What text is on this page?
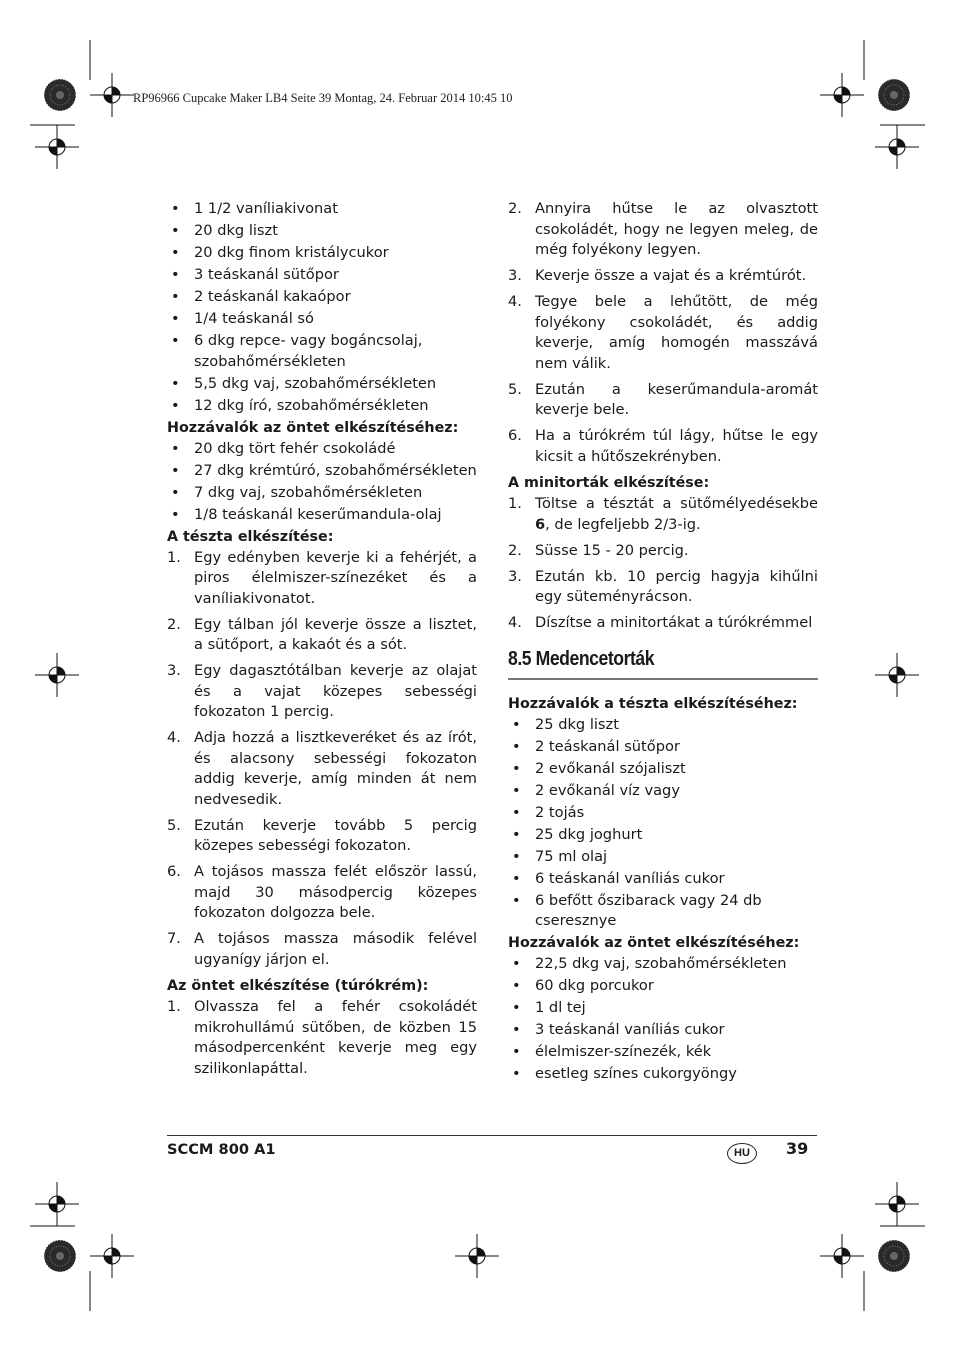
RP96966 Cupcake Maker LB4 Seite 39 Montag, 24. Februar 2014 10:45 10
• 1 1/2 vaníliakivonat
• 20 dkg liszt
• 20 dkg finom kristálycukor
• 3 teáskanál sütőpor
• 2 teáskanál kakaópor
• 1/4 teáskanál só
• 6 dkg repce- vagy bogáncsolaj, szobahőmérsékleten
• 5,5 dkg vaj, szobahőmérsékleten
• 12 dkg író, szobahőmérsékleten
Hozzávalók az öntet elkészítéséhez:
• 20 dkg tört fehér csokoládé
• 27 dkg krémtúró, szobahőmérsékleten
• 7 dkg vaj, szobahőmérsékleten
• 1/8 teáskanál keserűmandula-olaj
A tészta elkészítése:
1. Egy edényben keverje ki a fehérjét, a piros élelmiszer-színezéket és a vaníliakivonatot.
2. Egy tálban jól keverje össze a lisztet, a sütőport, a kakaót és a sót.
3. Egy dagasztótálban keverje az olajat és a vajat közepes sebességi fokozaton 1 percig.
4. Adja hozzá a lisztkeveréket és az írót, és alacsony sebességi fokozaton addig keverje, amíg minden át nem nedvesedik.
5. Ezután keverje tovább 5 percig közepes sebességi fokozaton.
6. A tojásos massza felét először lassú, majd 30 másodpercig közepes fokozaton dolgozza bele.
7. A tojásos massza második felével ugyanígy járjon el.
Az öntet elkészítése (túrókrém):
1. Olvassza fel a fehér csokoládét mikrohullámú sütőben, de közben 15 másodpercenként keverje meg egy szilikonlapáttal.
2. Annyira hűtse le az olvasztott csokoládét, hogy ne legyen meleg, de még folyékony legyen.
3. Keverje össze a vajat és a krémtúrót.
4. Tegye bele a lehűtött, de még folyékony csokoládét, és addig keverje, amíg homogén masszává nem válik.
5. Ezután a keserűmandula-aromát keverje bele.
6. Ha a túrókrém túl lágy, hűtse le egy kicsit a hűtőszekrényben.
A minitorták elkészítése:
1. Töltse a tésztát a sütőmélyedésekbe 6, de legfeljebb 2/3-ig.
2. Süsse 15 - 20 percig.
3. Ezután kb. 10 percig hagyja kihűlni egy süteményrácson.
4. Díszítse a minitortákat a túrókrémmel
8.5 Medencetorták
Hozzávalók a tészta elkészítéséhez:
• 25 dkg liszt
• 2 teáskanál sütőpor
• 2 evőkanál szójaliszt
• 2 evőkanál víz vagy
• 2 tojás
• 25 dkg joghurt
• 75 ml olaj
• 6 teáskanál vaníliás cukor
• 6 befőtt őszibarack vagy 24 db cseresznye
Hozzávalók az öntet elkészítéséhez:
• 22,5 dkg vaj, szobahőmérsékleten
• 60 dkg porcukor
• 1 dl tej
• 3 teáskanál vaníliás cukor
• élelmiszer-színezék, kék
• esetleg színes cukorgyöngy
SCCM 800 A1	HU	39
